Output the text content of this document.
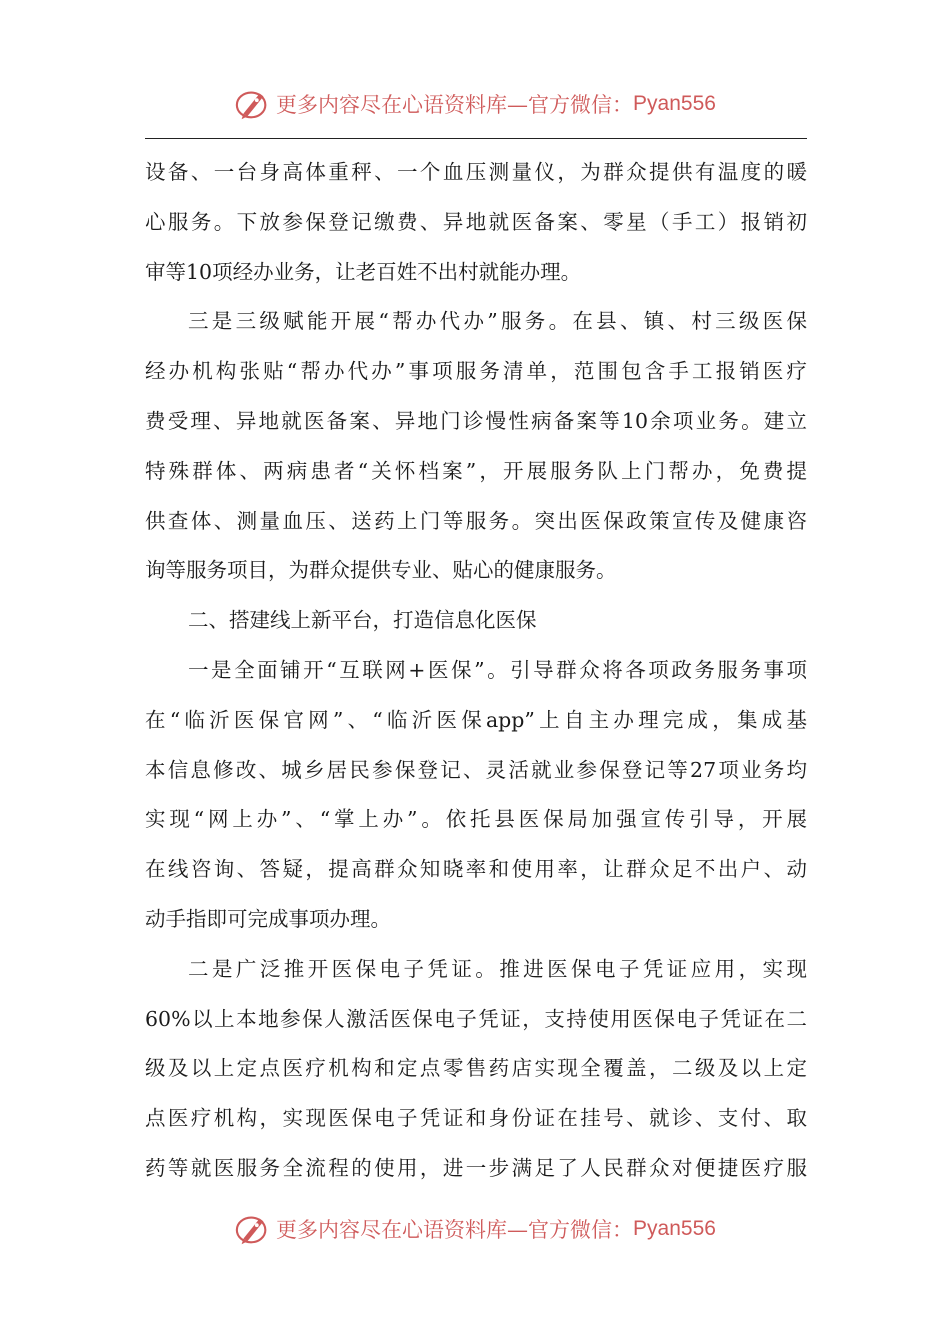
更多内容尽在心语资料库—官方微信： Pyan556
设备、一台身高体重秤、一个血压测量仪，为群众提供有温度的暖
心服务。下放参保登记缴费、异地就医备案、零星（手工）报销初
审等10项经办业务，让老百姓不出村就能办理。
三是三级赋能开展“帮办代办”服务。在县、镇、村三级医保
经办机构张贴“帮办代办”事项服务清单，范围包含手工报销医疗
费受理、异地就医备案、异地门诊慢性病备案等10余项业务。建立
特殊群体、两病患者“关怀档案”，开展服务队上门帮办，免费提
供查体、测量血压、送药上门等服务。突出医保政策宣传及健康咨
询等服务项目，为群众提供专业、贴心的健康服务。
二、搭建线上新平台，打造信息化医保
一是全面铺开“互联网+医保”。引导群众将各项政务服务事项
在“临沂医保官网”、“临沂医保app”上自主办理完成，集成基
本信息修改、城乡居民参保登记、灵活就业参保登记等27项业务均
实现“网上办”、“掌上办”。依托县医保局加强宣传引导，开展
在线咨询、答疑，提高群众知晓率和使用率，让群众足不出户、动
动手指即可完成事项办理。
二是广泛推开医保电子凭证。推进医保电子凭证应用，实现
60%以上本地参保人激活医保电子凭证，支持使用医保电子凭证在二
级及以上定点医疗机构和定点零售药店实现全覆盖，二级及以上定
点医疗机构，实现医保电子凭证和身份证在挂号、就诊、支付、取
药等就医服务全流程的使用，进一步满足了人民群众对便捷医疗服
更多内容尽在心语资料库—官方微信： Pyan556
